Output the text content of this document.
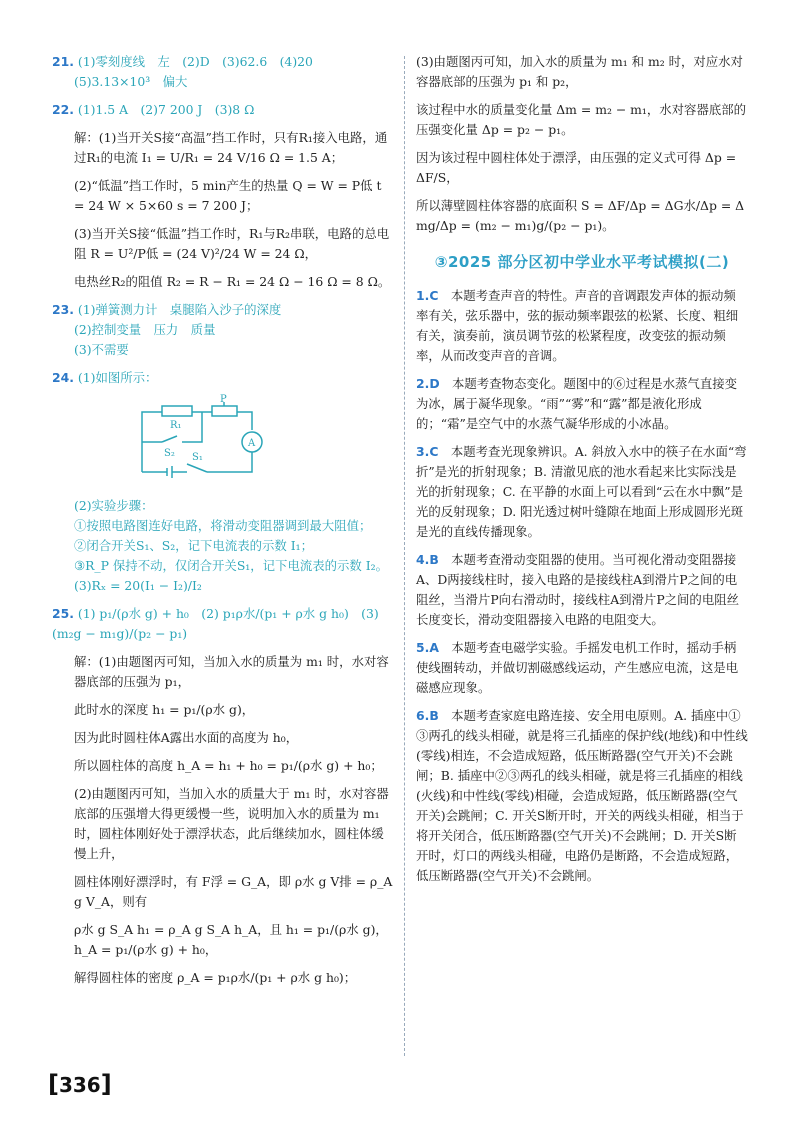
21. (1)零刻度线　左　(2)D　(3)62.6　(4)20
(5)3.13×10³　偏大
22. (1)1.5 A　(2)7 200 J　(3)8 Ω
解：(1)当开关S接“高温”挡工作时，只有R₁接入电路，通过R₁的电流 I₁ = U/R₁ = 24 V/16 Ω = 1.5 A；
(2)“低温”挡工作时，5 min产生的热量 Q = W = P低 t = 24 W × 5×60 s = 7 200 J；
(3)当开关S接“低温”挡工作时，R₁与R₂串联，电路的总电阻 R = U²/P低 = (24 V)²/24 W = 24 Ω，
电热丝R₂的阻值 R₂ = R − R₁ = 24 Ω − 16 Ω = 8 Ω。
23. (1)弹簧测力计　桌腿陷入沙子的深度
(2)控制变量　压力　质量
(3)不需要
24. (1)如图所示：
P
R₁
A
S₂ S₁
(2)实验步骤：
①按照电路图连好电路，将滑动变阻器调到最大阻值；
②闭合开关S₁、S₂，记下电流表的示数 I₁；
③R_P 保持不动，仅闭合开关S₁，记下电流表的示数 I₂。
(3)Rₓ = 20(I₁ − I₂)/I₂
25. (1) p₁/(ρ水 g) + h₀　(2) p₁ρ水/(p₁ + ρ水 g h₀)　(3) (m₂g − m₁g)/(p₂ − p₁)
解：(1)由题图丙可知，当加入水的质量为 m₁ 时，水对容器底部的压强为 p₁，
此时水的深度 h₁ = p₁/(ρ水 g)，
因为此时圆柱体A露出水面的高度为 h₀，
所以圆柱体的高度 h_A = h₁ + h₀ = p₁/(ρ水 g) + h₀；
(2)由题图丙可知，当加入水的质量大于 m₁ 时，水对容器底部的压强增大得更缓慢一些，说明加入水的质量为 m₁ 时，圆柱体刚好处于漂浮状态，此后继续加水，圆柱体缓慢上升，
圆柱体刚好漂浮时，有 F浮 = G_A，即 ρ水 g V排 = ρ_A g V_A，则有
ρ水 g S_A h₁ = ρ_A g S_A h_A，且 h₁ = p₁/(ρ水 g)，h_A = p₁/(ρ水 g) + h₀，
解得圆柱体的密度 ρ_A = p₁ρ水/(p₁ + ρ水 g h₀)；
(3)由题图丙可知，加入水的质量为 m₁ 和 m₂ 时，对应水对容器底部的压强为 p₁ 和 p₂，
该过程中水的质量变化量 Δm = m₂ − m₁，水对容器底部的压强变化量 Δp = p₂ − p₁。
因为该过程中圆柱体处于漂浮，由压强的定义式可得 Δp = ΔF/S，
所以薄壁圆柱体容器的底面积 S = ΔF/Δp = ΔG水/Δp = Δmg/Δp = (m₂ − m₁)g/(p₂ − p₁)。
③2025 部分区初中学业水平考试模拟(二)
1.C　 本题考查声音的特性。声音的音调跟发声体的振动频率有关，弦乐器中，弦的振动频率跟弦的松紧、长度、粗细有关，演奏前，演员调节弦的松紧程度，改变弦的振动频率，从而改变声音的音调。
2.D　 本题考查物态变化。题图中的⑥过程是水蒸气直接变为冰，属于凝华现象。“雨”“雾”和“露”都是液化形成的；“霜”是空气中的水蒸气凝华形成的小冰晶。
3.C　 本题考查光现象辨识。A. 斜放入水中的筷子在水面“弯折”是光的折射现象；B. 清澈见底的池水看起来比实际浅是光的折射现象；C. 在平静的水面上可以看到“云在水中飘”是光的反射现象；D. 阳光透过树叶缝隙在地面上形成圆形光斑是光的直线传播现象。
4.B　 本题考查滑动变阻器的使用。当可视化滑动变阻器接A、D两接线柱时，接入电路的是接线柱A到滑片P之间的电阻丝，当滑片P向右滑动时，接线柱A到滑片P之间的电阻丝长度变长，滑动变阻器接入电路的电阻变大。
5.A　 本题考查电磁学实验。手摇发电机工作时，摇动手柄使线圈转动，并做切割磁感线运动，产生感应电流，这是电磁感应现象。
6.B　 本题考查家庭电路连接、安全用电原则。A. 插座中①③两孔的线头相碰，就是将三孔插座的保护线(地线)和中性线(零线)相连，不会造成短路，低压断路器(空气开关)不会跳闸；B. 插座中②③两孔的线头相碰，就是将三孔插座的相线(火线)和中性线(零线)相碰，会造成短路，低压断路器(空气开关)会跳闸；C. 开关S断开时，开关的两线头相碰，相当于将开关闭合，低压断路器(空气开关)不会跳闸；D. 开关S断开时，灯口的两线头相碰，电路仍是断路，不会造成短路，低压断路器(空气开关)不会跳闸。
[336]
